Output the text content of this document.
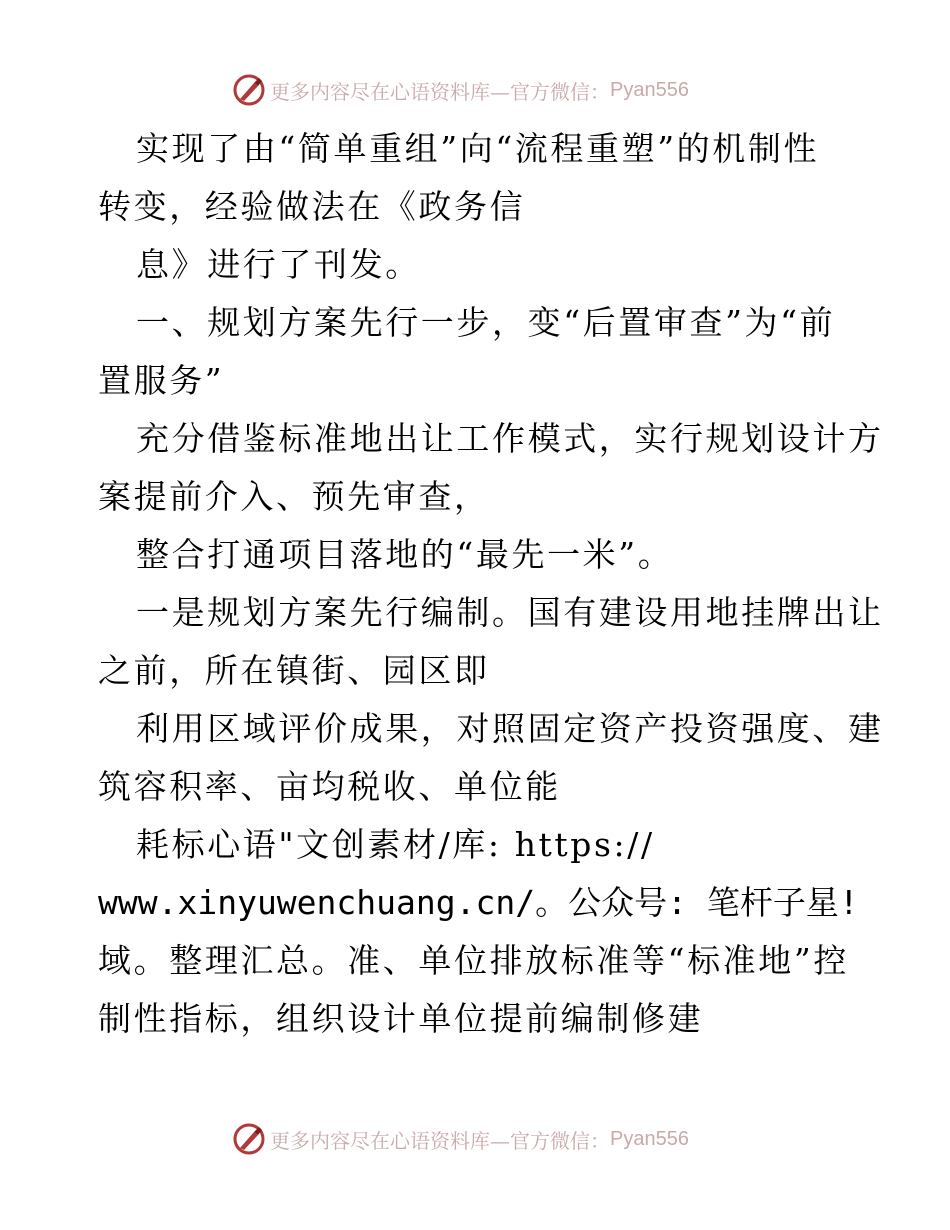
更多内容尽在心语资料库—官方微信： Pyan556
实现了由“简单重组”向“流程重塑”的机制性
转变，经验做法在《政务信
息》进行了刊发。
一、规划方案先行一步，变“后置审查”为“前
置服务”
充分借鉴标准地出让工作模式，实行规划设计方
案提前介入、预先审查，
整合打通项目落地的“最先一米”。
一是规划方案先行编制。国有建设用地挂牌出让
之前，所在镇街、园区即
利用区域评价成果，对照固定资产投资强度、建
筑容积率、亩均税收、单位能
耗标心语"文创素材/库: https://
www.xinyuwenchuang.cn/。公众号: 笔杆子星!
域。整理汇总。准、单位排放标准等“标准地”控
制性指标，组织设计单位提前编制修建
更多内容尽在心语资料库—官方微信： Pyan556
